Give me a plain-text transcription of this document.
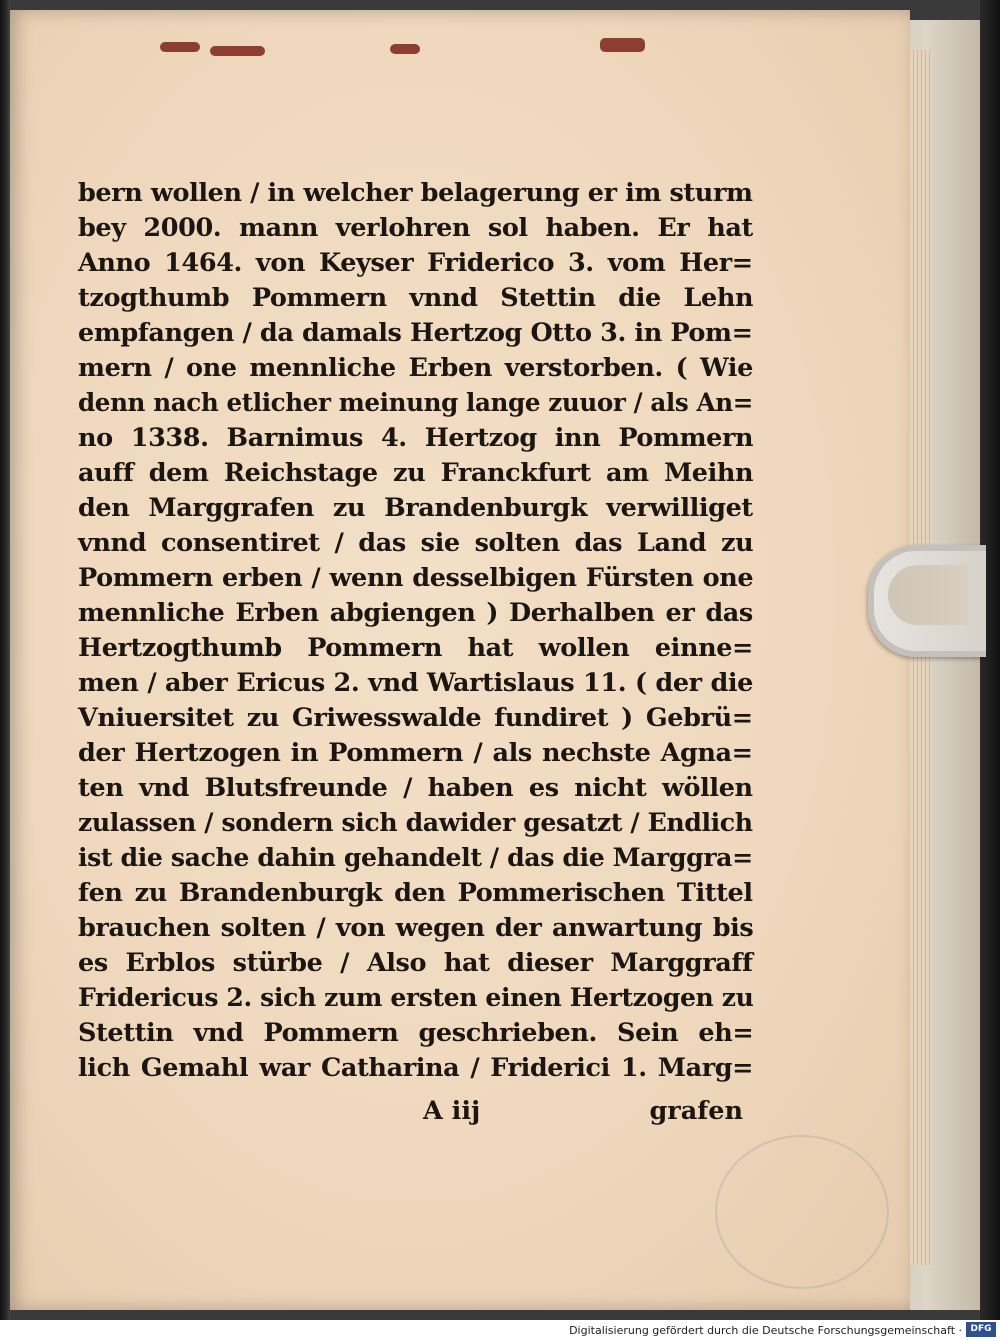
bern wollen / in welcher belagerung er im sturm
bey 2000. mann verlohren sol haben. Er hat
Anno 1464. von Keyser Friderico 3. vom Her=
tzogthumb Pommern vnnd Stettin die Lehn
empfangen / da damals Hertzog Otto 3. in Pom=
mern / one mennliche Erben verstorben. ( Wie
denn nach etlicher meinung lange zuuor / als An=
no 1338. Barnimus 4. Hertzog inn Pommern
auff dem Reichstage zu Franckfurt am Meihn
den Marggrafen zu Brandenburgk verwilliget
vnnd consentiret / das sie solten das Land zu
Pommern erben / wenn desselbigen Fürsten one
mennliche Erben abgiengen ) Derhalben er das
Hertzogthumb Pommern hat wollen einne=
men / aber Ericus 2. vnd Wartislaus 11. ( der die
Vniuersitet zu Griwesswalde fundiret ) Gebrü=
der Hertzogen in Pommern / als nechste Agna=
ten vnd Blutsfreunde / haben es nicht wöllen
zulassen / sondern sich dawider gesatzt / Endlich
ist die sache dahin gehandelt / das die Marggra=
fen zu Brandenburgk den Pommerischen Tittel
brauchen solten / von wegen der anwartung bis
es Erblos stürbe / Also hat dieser Marggraff
Fridericus 2. sich zum ersten einen Hertzogen zu
Stettin vnd Pommern geschrieben. Sein eh=
lich Gemahl war Catharina / Friderici 1. Marg=
A iij	grafen
Digitalisierung gefördert durch die Deutsche Forschungsgemeinschaft · DFG
